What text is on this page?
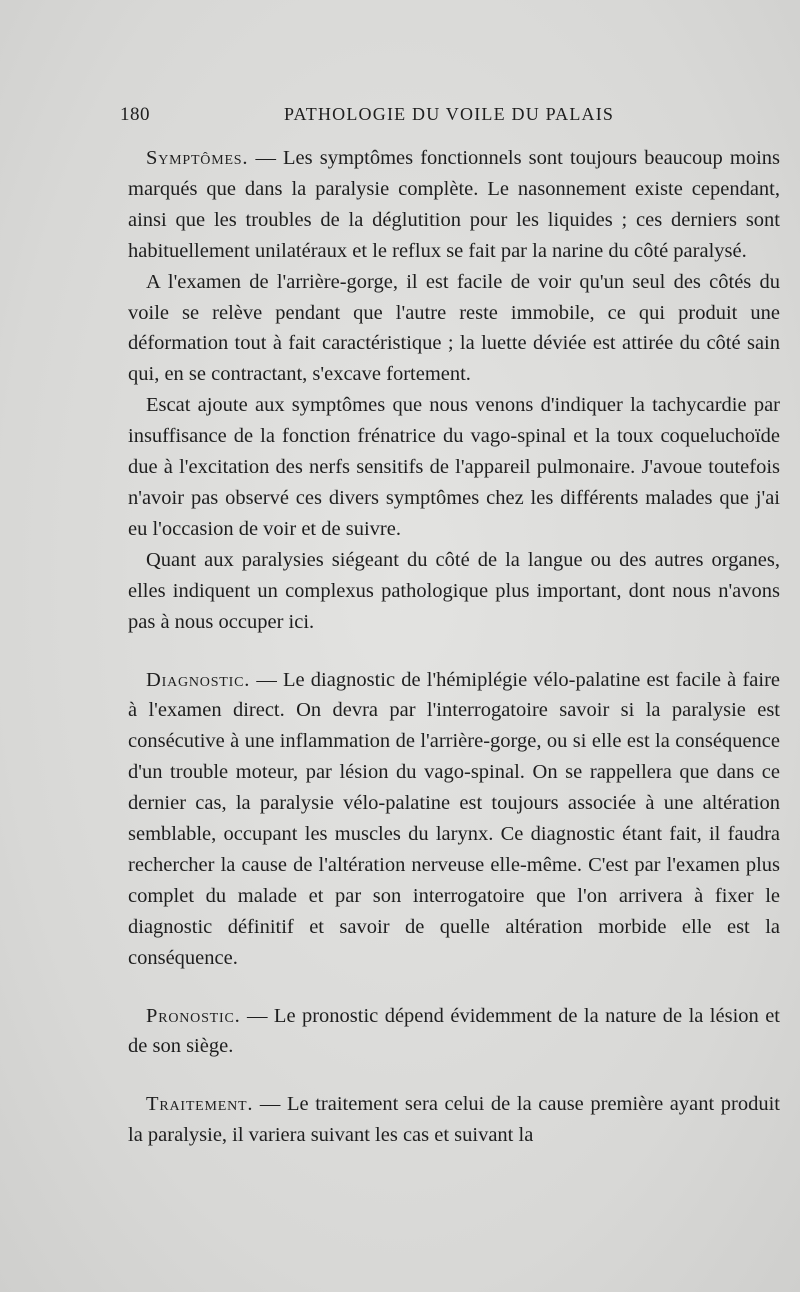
180	PATHOLOGIE DU VOILE DU PALAIS

Symptômes. — Les symptômes fonctionnels sont toujours beaucoup moins marqués que dans la paralysie complète. Le nasonnement existe cependant, ainsi que les troubles de la déglutition pour les liquides ; ces derniers sont habituellement unilatéraux et le reflux se fait par la narine du côté paralysé.

A l'examen de l'arrière-gorge, il est facile de voir qu'un seul des côtés du voile se relève pendant que l'autre reste immobile, ce qui produit une déformation tout à fait caractéristique ; la luette déviée est attirée du côté sain qui, en se contractant, s'excave fortement.

Escat ajoute aux symptômes que nous venons d'indiquer la tachycardie par insuffisance de la fonction frénatrice du vago-spinal et la toux coqueluchoïde due à l'excitation des nerfs sensitifs de l'appareil pulmonaire. J'avoue toutefois n'avoir pas observé ces divers symptômes chez les différents malades que j'ai eu l'occasion de voir et de suivre.

Quant aux paralysies siégeant du côté de la langue ou des autres organes, elles indiquent un complexus pathologique plus important, dont nous n'avons pas à nous occuper ici.

Diagnostic. — Le diagnostic de l'hémiplégie vélo-palatine est facile à faire à l'examen direct. On devra par l'interrogatoire savoir si la paralysie est consécutive à une inflammation de l'arrière-gorge, ou si elle est la conséquence d'un trouble moteur, par lésion du vago-spinal. On se rappellera que dans ce dernier cas, la paralysie vélo-palatine est toujours associée à une altération semblable, occupant les muscles du larynx. Ce diagnostic étant fait, il faudra rechercher la cause de l'altération nerveuse elle-même. C'est par l'examen plus complet du malade et par son interrogatoire que l'on arrivera à fixer le diagnostic définitif et savoir de quelle altération morbide elle est la conséquence.

Pronostic. — Le pronostic dépend évidemment de la nature de la lésion et de son siège.

Traitement. — Le traitement sera celui de la cause première ayant produit la paralysie, il variera suivant les cas et suivant la
